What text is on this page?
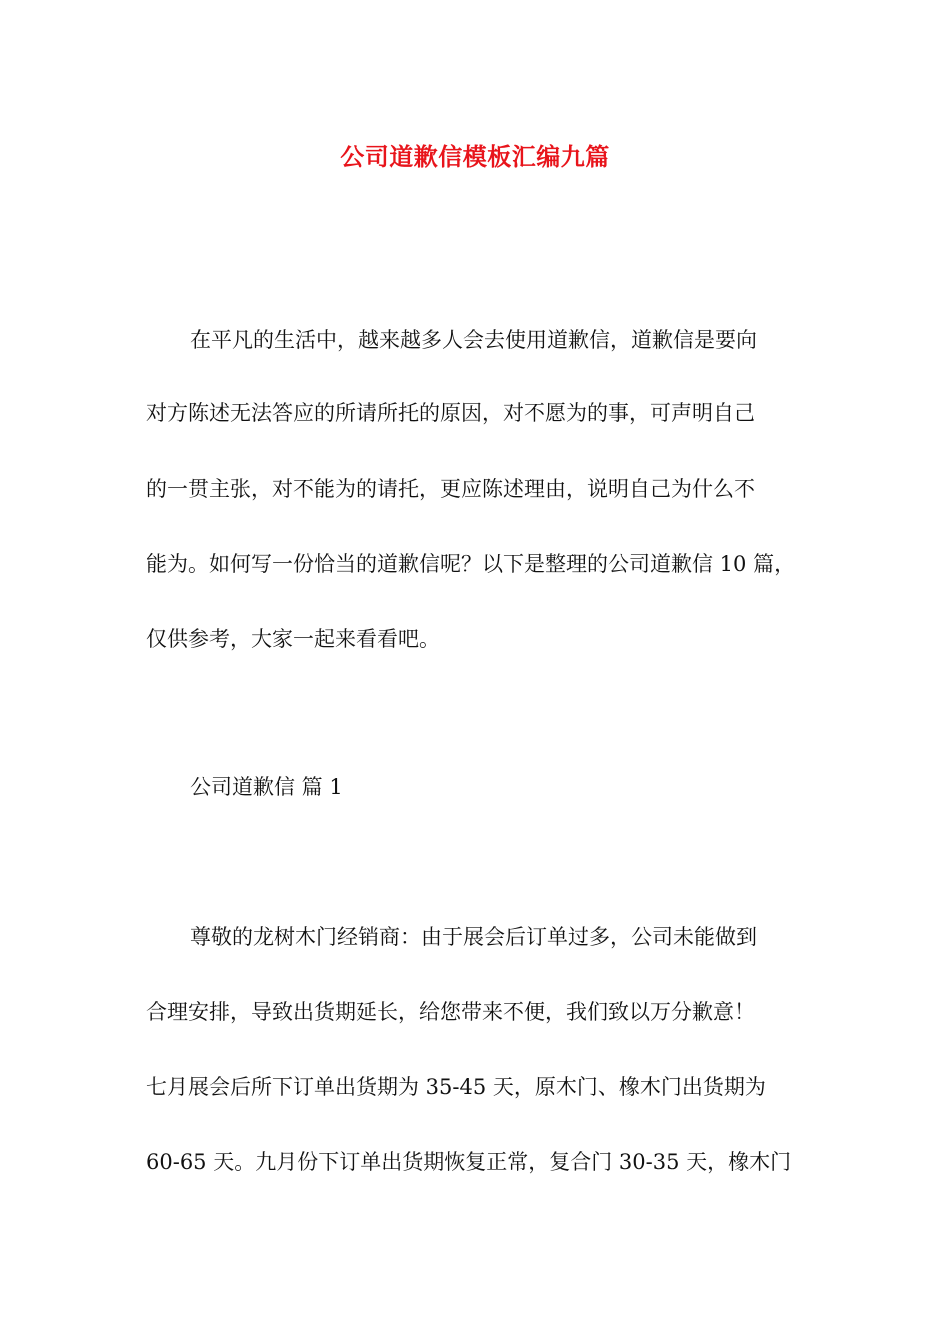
公司道歉信模板汇编九篇
在平凡的生活中，越来越多人会去使用道歉信，道歉信是要向
对方陈述无法答应的所请所托的原因，对不愿为的事，可声明自己
的一贯主张，对不能为的请托，更应陈述理由，说明自己为什么不
能为。如何写一份恰当的道歉信呢？以下是整理的公司道歉信 10 篇，
仅供参考，大家一起来看看吧。
公司道歉信 篇 1
尊敬的龙树木门经销商：由于展会后订单过多，公司未能做到
合理安排，导致出货期延长，给您带来不便，我们致以万分歉意！
七月展会后所下订单出货期为 35-45 天，原木门、橡木门出货期为
60-65 天。九月份下订单出货期恢复正常，复合门 30-35 天，橡木门
